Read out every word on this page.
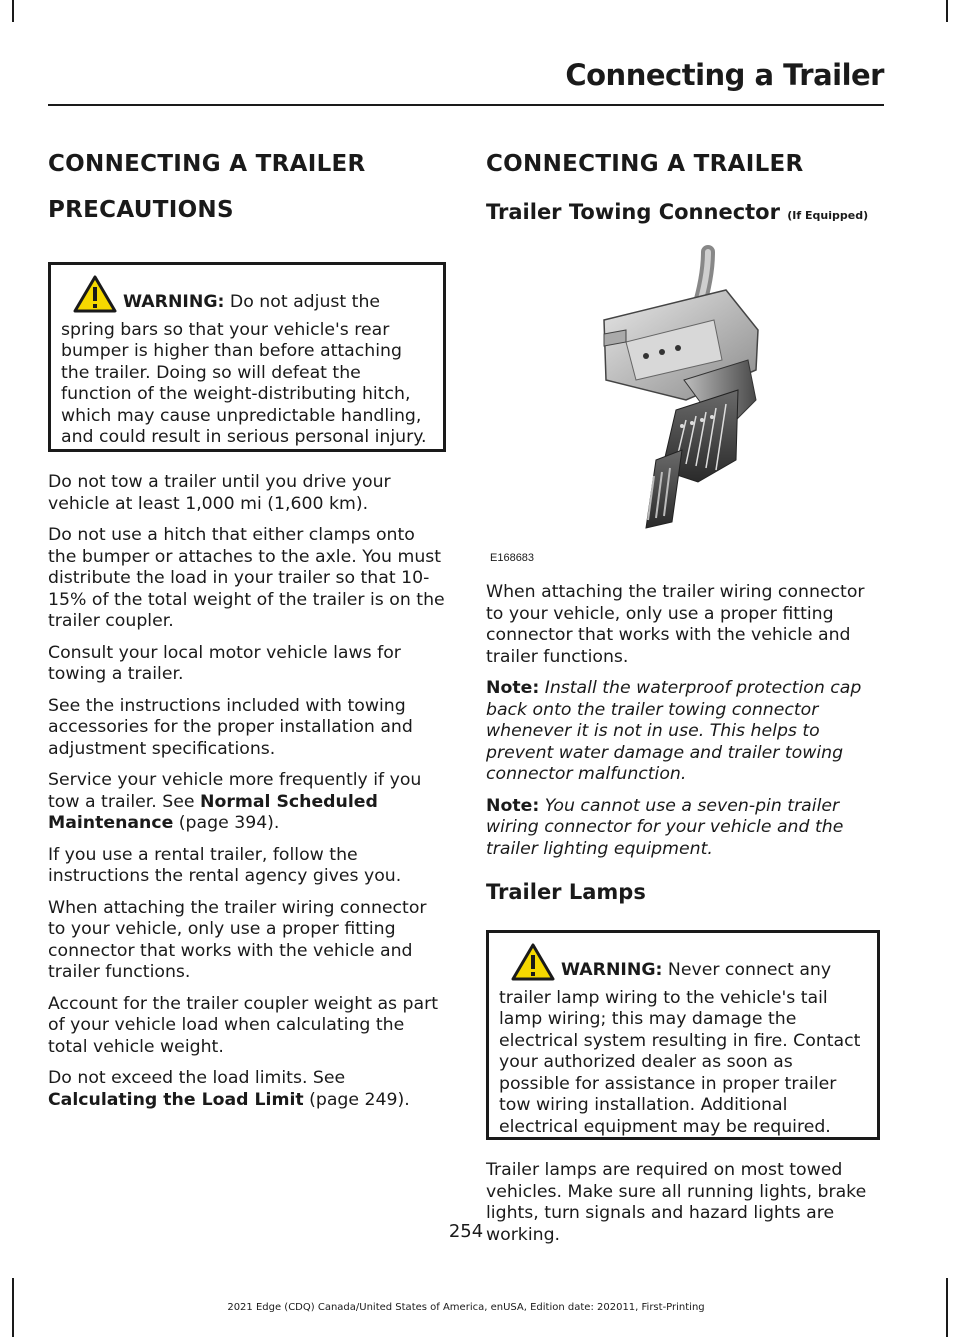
Connecting a Trailer
CONNECTING A TRAILER
PRECAUTIONS
WARNING: Do not adjust the spring bars so that your vehicle's rear bumper is higher than before attaching the trailer. Doing so will defeat the function of the weight-distributing hitch, which may cause unpredictable handling, and could result in serious personal injury.

Do not tow a trailer until you drive your vehicle at least 1,000 mi (1,600 km).

Do not use a hitch that either clamps onto the bumper or attaches to the axle. You must distribute the load in your trailer so that 10-15% of the total weight of the trailer is on the trailer coupler.

Consult your local motor vehicle laws for towing a trailer.

See the instructions included with towing accessories for the proper installation and adjustment specifications.

Service your vehicle more frequently if you tow a trailer. See Normal Scheduled Maintenance (page 394).

If you use a rental trailer, follow the instructions the rental agency gives you.

When attaching the trailer wiring connector to your vehicle, only use a proper fitting connector that works with the vehicle and trailer functions.

Account for the trailer coupler weight as part of your vehicle load when calculating the total vehicle weight.

Do not exceed the load limits. See Calculating the Load Limit (page 249).

CONNECTING A TRAILER
Trailer Towing Connector (If Equipped)
E168683

When attaching the trailer wiring connector to your vehicle, only use a proper fitting connector that works with the vehicle and trailer functions.

Note: Install the waterproof protection cap back onto the trailer towing connector whenever it is not in use. This helps to prevent water damage and trailer towing connector malfunction.

Note: You cannot use a seven-pin trailer wiring connector for your vehicle and the trailer lighting equipment.

Trailer Lamps
WARNING: Never connect any trailer lamp wiring to the vehicle's tail lamp wiring; this may damage the electrical system resulting in fire. Contact your authorized dealer as soon as possible for assistance in proper trailer tow wiring installation. Additional electrical equipment may be required.

Trailer lamps are required on most towed vehicles. Make sure all running lights, brake lights, turn signals and hazard lights are working.

254
2021 Edge (CDQ) Canada/United States of America, enUSA, Edition date: 202011, First-Printing
